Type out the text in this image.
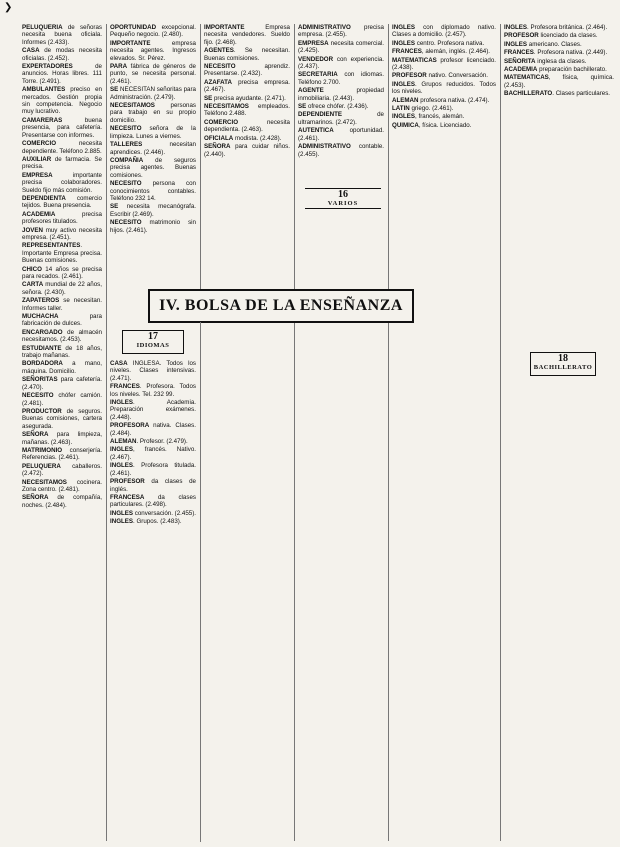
❯

PELUQUERIA de señoras necesita buena oficiala. Informes (2.433).

CASA de modas necesita oficialas. (2.452).

EXPERTADORES de anuncios. Horas libres. 111 Torre. (2.491).

AMBULANTES preciso en mercados. Gestión propia sin competencia. Negocio muy lucrativo.

CAMARERAS buena presencia, para cafetería. Presentarse con informes.

COMERCIO necesita dependiente. Teléfono 2.885.

AUXILIAR de farmacia. Se precisa.

EMPRESA importante precisa colaboradores. Sueldo fijo más comisión.

DEPENDIENTA comercio tejidos. Buena presencia.

ACADEMIA precisa profesores titulados.

JOVEN muy activo necesita empresa. (2.451).

REPRESENTANTES. Importante Empresa precisa. Buenas comisiones.

CHICO 14 años se precisa para recados. (2.461).

CARTA mundial de 22 años, señora. (2.430).

ZAPATEROS se necesitan. Informes taller.

MUCHACHA para fabricación de dulces.

ENCARGADO de almacén necesitamos. (2.453).

ESTUDIANTE de 18 años, trabajo mañanas.

BORDADORA a mano, máquina. Domicilio.

SEÑORITAS para cafetería. (2.470).

NECESITO chófer camión. (2.481).

PRODUCTOR de seguros. Buenas comisiones, cartera asegurada.

SEÑORA para limpieza, mañanas. (2.463).

MATRIMONIO conserjería. Referencias. (2.461).

PELUQUERA caballeros. (2.472).

NECESITAMOS cocinera. Zona centro. (2.481).

SEÑORA de compañía, noches. (2.484).

OPORTUNIDAD excepcional. Pequeño negocio. (2.480).

IMPORTANTE empresa necesita agentes. Ingresos elevados. Sr. Pérez.

PARA fábrica de géneros de punto, se necesita personal. (2.461).

SE NECESITAN señoritas para Administración. (2.479).

NECESITAMOS personas para trabajo en su propio domicilio.

NECESITO señora de la limpieza. Lunes a viernes.

TALLERES necesitan aprendices. (2.446).

COMPAÑIA de seguros precisa agentes. Buenas comisiones.

NECESITO persona con conocimientos contables. Teléfono 232 14.

SE necesita mecanógrafa. Escribir (2.469).

NECESITO matrimonio sin hijos. (2.461).

IMPORTANTE Empresa necesita vendedores. Sueldo fijo. (2.468).

AGENTES. Se necesitan. Buenas comisiones.

NECESITO aprendiz. Presentarse. (2.432).

AZAFATA precisa empresa. (2.467).

SE precisa ayudante. (2.471).

NECESITAMOS empleados. Teléfono 2.488.

COMERCIO necesita dependienta. (2.463).

OFICIALA modista. (2.428).

SEÑORA para cuidar niños. (2.440).

ADMINISTRATIVO precisa empresa. (2.455).

EMPRESA necesita comercial. (2.425).

VENDEDOR con experiencia. (2.437).

SECRETARIA con idiomas. Teléfono 2.700.

AGENTE propiedad inmobiliaria. (2.443).

SE ofrece chófer. (2.436).

DEPENDIENTE de ultramarinos. (2.472).

AUTENTICA oportunidad. (2.461).

ADMINISTRATIVO contable. (2.455).

INGLES con diplomado nativo. Clases a domicilio. (2.457).

INGLES centro. Profesora nativa.

FRANCES, alemán, inglés. (2.464).

MATEMATICAS profesor licenciado. (2.438).

PROFESOR nativo. Conversación.

INGLES. Grupos reducidos. Todos los niveles.

ALEMAN profesora nativa. (2.474).

LATIN griego. (2.461).

INGLES, francés, alemán.

QUIMICA, física. Licenciado.

INGLES. Profesora británica. (2.464).

PROFESOR licenciado da clases.

INGLES americano. Clases.

FRANCES. Profesora nativa. (2.449).

SEÑORITA inglesa da clases.

ACADEMIA preparación bachillerato.

MATEMATICAS, física, química. (2.453).

BACHILLERATO. Clases particulares.

16
VARIOS
18
BACHILLERATO
IV. BOLSA DE LA ENSEÑANZA
17
IDIOMAS

CASA INGLESA. Todos los niveles. Clases intensivas. (2.471).

FRANCES. Profesora. Todos los niveles. Tel. 232 99.

INGLES. Academia. Preparación exámenes. (2.448).

PROFESORA nativa. Clases. (2.484).

ALEMAN. Profesor. (2.479).

INGLES, francés. Nativo. (2.467).

INGLES. Profesora titulada. (2.461).

PROFESOR da clases de inglés.

FRANCESA da clases particulares. (2.498).

INGLES conversación. (2.455).

INGLES. Grupos. (2.483).
